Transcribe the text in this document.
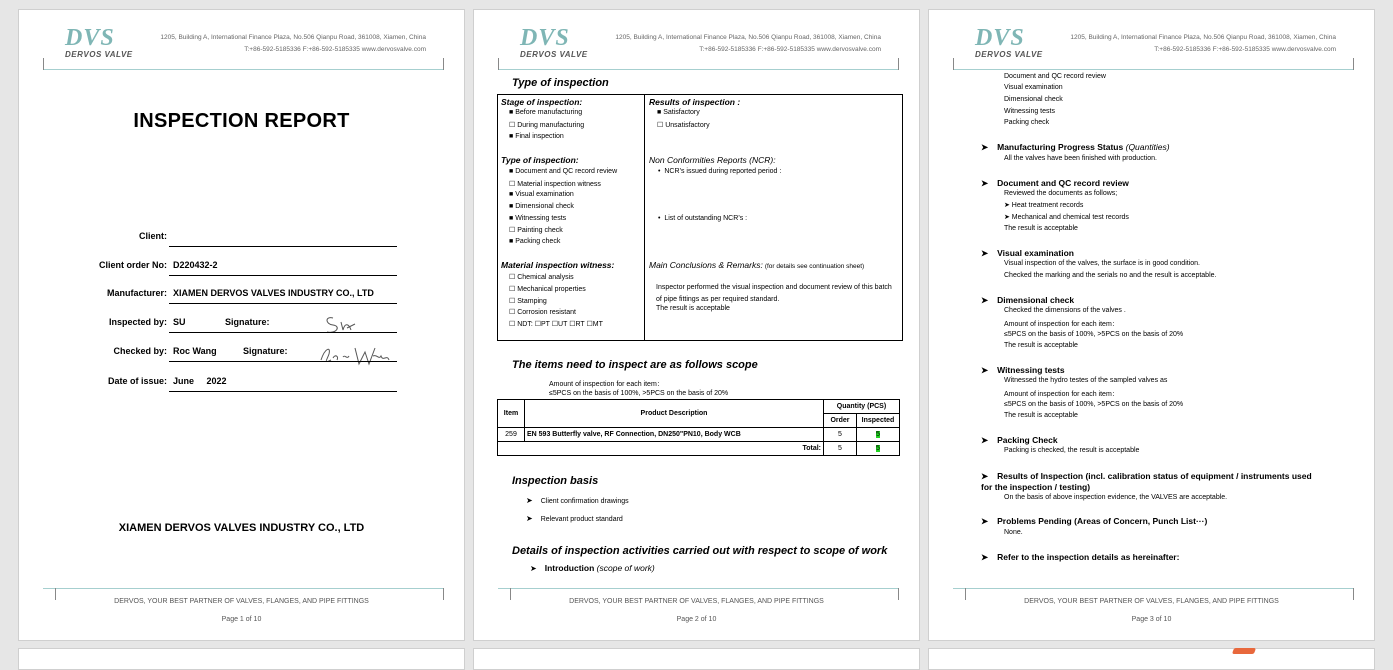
DVS
DERVOS VALVE
1205, Building A, International Finance Plaza, No.506 Qianpu Road, 361008, Xiamen, China
T:+86-592-5185336 F:+86-592-5185335 www.dervosvalve.com
INSPECTION REPORT
Client:
Client order No: D220432-2
Manufacturer: XIAMEN DERVOS VALVES INDUSTRY CO., LTD
Inspected by: SU	Signature:
Checked by: Roc Wang	Signature:
Date of issue: June     2022
XIAMEN DERVOS VALVES INDUSTRY CO., LTD
DERVOS, YOUR BEST PARTNER OF VALVES, FLANGES, AND PIPE FITTINGS
Page 1 of 10
DVS
DERVOS VALVE
1205, Building A, International Finance Plaza, No.506 Qianpu Road, 361008, Xiamen, China
T:+86-592-5185336 F:+86-592-5185335 www.dervosvalve.com
Type of inspection
Stage of inspection:
■ Before manufacturing
☐ During manufacturing
■ Final inspection
Type of inspection:
■ Document and QC record review
☐ Material inspection witness
■ Visual examination
■ Dimensional check
■ Witnessing tests
☐ Painting check
■ Packing check
Material inspection witness:
☐ Chemical analysis
☐ Mechanical properties
☐ Stamping
☐ Corrosion resistant
☐ NDT: ☐PT ☐UT ☐RT ☐MT
Results of inspection :
■ Satisfactory
☐ Unsatisfactory
Non Conformities Reports (NCR):
•  NCR’s issued during reported period :
•  List of outstanding NCR’s :
Main Conclusions & Remarks: (for details see continuation sheet)
Inspector performed the visual inspection and document review of this batch of pipe fittings as per required standard.
The result is acceptable
The items need to inspect are as follows scope
Amount of inspection for each item：
≤5PCS on the basis of 100%, >5PCS on the basis of 20%
Item	Product Description	Quantity (PCS)	
		Order	Inspected
259	EN 593 Butterfly valve, RF Connection, DN250"PN10, Body WCB	5	5
Total:		5	5
Inspection basis
➤ Client confirmation drawings
➤ Relevant product standard
Details of inspection activities carried out with respect to scope of work
➤ Introduction (scope of work)
DERVOS, YOUR BEST PARTNER OF VALVES, FLANGES, AND PIPE FITTINGS
Page 2 of 10
DVS
DERVOS VALVE
1205, Building A, International Finance Plaza, No.506 Qianpu Road, 361008, Xiamen, China
T:+86-592-5185336 F:+86-592-5185335 www.dervosvalve.com
Document and QC record review
Visual examination
Dimensional check
Witnessing tests
Packing check
➤ Manufacturing Progress Status (Quantities)
All the valves have been finished with production.
➤ Document and QC record review
Reviewed the documents as follows;
➤ Heat treatment records
➤ Mechanical and chemical test records
The result is acceptable
➤ Visual examination
Visual inspection of the valves, the surface is in good condition.
Checked the marking and the serials no and the result is acceptable.
➤ Dimensional check
Checked the dimensions of the valves .
Amount of inspection for each item：
≤5PCS on the basis of 100%, >5PCS on the basis of 20%
The result is acceptable
➤ Witnessing tests
Witnessed the hydro testes of the sampled valves as
Amount of inspection for each item：
≤5PCS on the basis of 100%, >5PCS on the basis of 20%
The result is acceptable
➤ Packing Check
Packing is checked, the result is acceptable
➤ Results of Inspection (incl. calibration status of equipment / instruments used
for the inspection / testing)
On the basis of above inspection evidence, the VALVES are acceptable.
➤ Problems Pending (Areas of Concern, Punch List···)
None.
➤ Refer to the inspection details as hereinafter:
DERVOS, YOUR BEST PARTNER OF VALVES, FLANGES, AND PIPE FITTINGS
Page 3 of 10
